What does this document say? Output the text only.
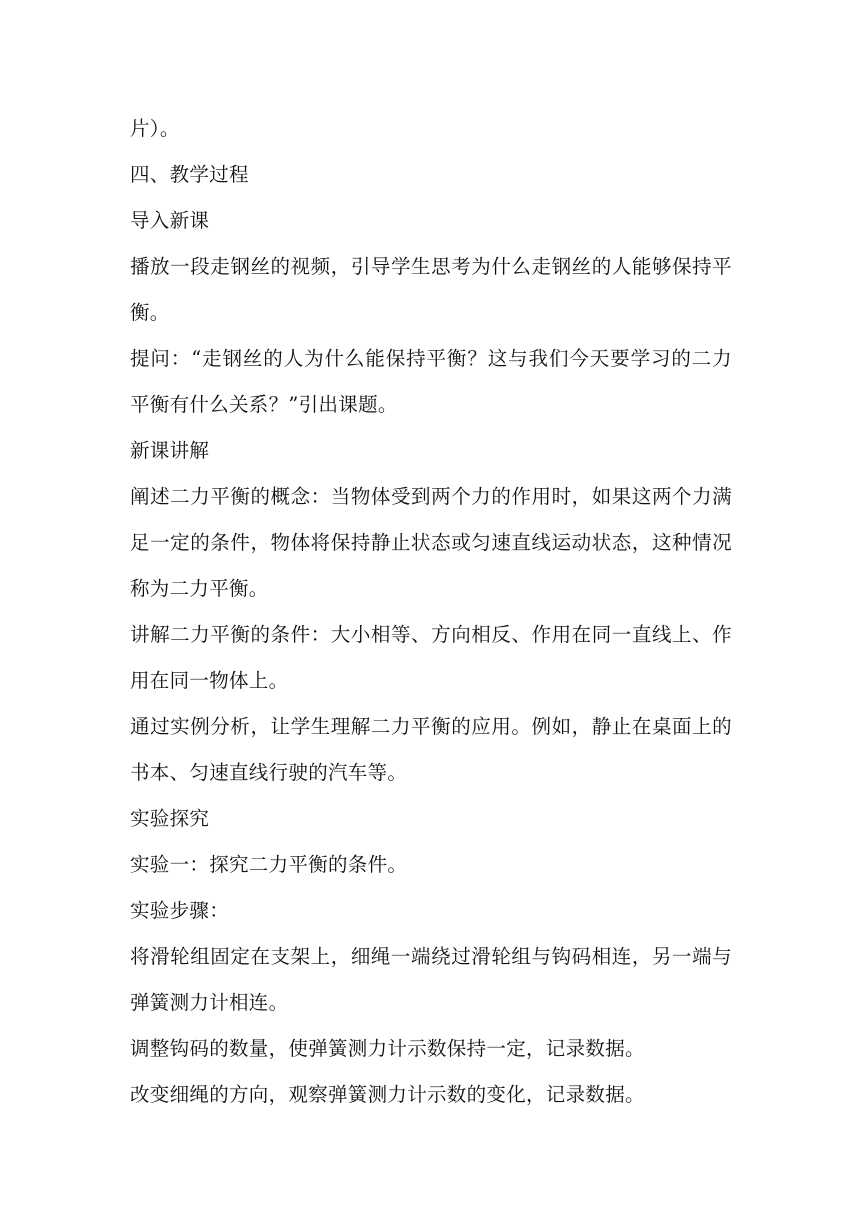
片）。

四、教学过程

导入新课

播放一段走钢丝的视频，引导学生思考为什么走钢丝的人能够保持平衡。

提问：“走钢丝的人为什么能保持平衡？这与我们今天要学习的二力平衡有什么关系？”引出课题。

新课讲解

阐述二力平衡的概念：当物体受到两个力的作用时，如果这两个力满足一定的条件，物体将保持静止状态或匀速直线运动状态，这种情况称为二力平衡。

讲解二力平衡的条件：大小相等、方向相反、作用在同一直线上、作用在同一物体上。

通过实例分析，让学生理解二力平衡的应用。例如，静止在桌面上的书本、匀速直线行驶的汽车等。

实验探究

实验一：探究二力平衡的条件。

实验步骤：

将滑轮组固定在支架上，细绳一端绕过滑轮组与钩码相连，另一端与弹簧测力计相连。

调整钩码的数量，使弹簧测力计示数保持一定，记录数据。

改变细绳的方向，观察弹簧测力计示数的变化，记录数据。
